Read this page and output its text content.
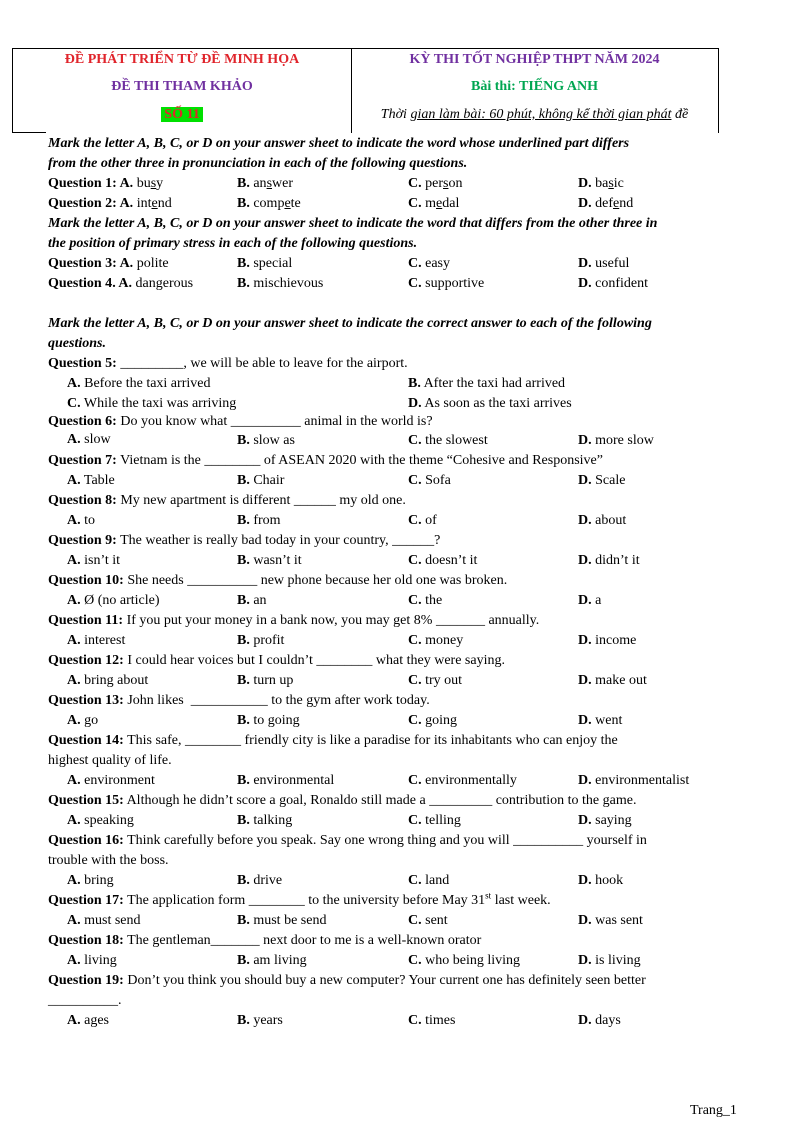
ĐỀ PHÁT TRIỂN TỪ ĐỀ MINH HỌA
ĐỀ THI THAM KHẢO
SỐ 11
KỲ THI TỐT NGHIỆP THPT NĂM 2024
Bài thi: TIẾNG ANH
Thời gian làm bài: 60 phút, không kể thời gian phát đề
Mark the letter A, B, C, or D on your answer sheet to indicate the word whose underlined part differs
from the other three in pronunciation in each of the following questions.
Question 1: A. busy	B. answer	C. person	D. basic
Question 2: A. intend	B. compete	C. medal	D. defend
Mark the letter A, B, C, or D on your answer sheet to indicate the word that differs from the other three in
the position of primary stress in each of the following questions.
Question 3: A. polite	B. special	C. easy	D. useful
Question 4. A. dangerous	B. mischievous	C. supportive	D. confident
Mark the letter A, B, C, or D on your answer sheet to indicate the correct answer to each of the following
questions.
Question 5: _________, we will be able to leave for the airport.
A. Before the taxi arrived	B. After the taxi had arrived
C. While the taxi was arriving	D. As soon as the taxi arrives
Question 6: Do you know what __________ animal in the world is?
A. slow	B. slow as	C. the slowest	D. more slow
Question 7: Vietnam is the ________ of ASEAN 2020 with the theme “Cohesive and Responsive”
A. Table	B. Chair	C. Sofa	D. Scale
Question 8: My new apartment is different ______ my old one.
A. to	B. from	C. of	D. about
Question 9: The weather is really bad today in your country, ______?
A. isn’t it	B. wasn’t it	C. doesn’t it	D. didn’t it
Question 10: She needs __________ new phone because her old one was broken.
A. Ø (no article)	B. an	C. the	D. a
Question 11: If you put your money in a bank now, you may get 8% _______ annually.
A. interest	B. profit	C. money	D. income
Question 12: I could hear voices but I couldn’t ________ what they were saying.
A. bring about	B. turn up	C. try out	D. make out
Question 13: John likes  ___________ to the gym after work today.
A. go	B. to going	C. going	D. went
Question 14: This safe, ________ friendly city is like a paradise for its inhabitants who can enjoy the
highest quality of life.
A. environment	B. environmental	C. environmentally	D. environmentalist
Question 15: Although he didn’t score a goal, Ronaldo still made a _________ contribution to the game.
A. speaking	B. talking	C. telling	D. saying
Question 16: Think carefully before you speak. Say one wrong thing and you will __________ yourself in
trouble with the boss.
A. bring	B. drive	C. land	D. hook
Question 17: The application form ________ to the university before May 31st last week.
A. must send	B. must be send	C. sent	D. was sent
Question 18: The gentleman_______ next door to me is a well-known orator
A. living	B. am living	C. who being living	D. is living
Question 19: Don’t you think you should buy a new computer? Your current one has definitely seen better
__________.
A. ages	B. years	C. times	D. days
Trang_1
